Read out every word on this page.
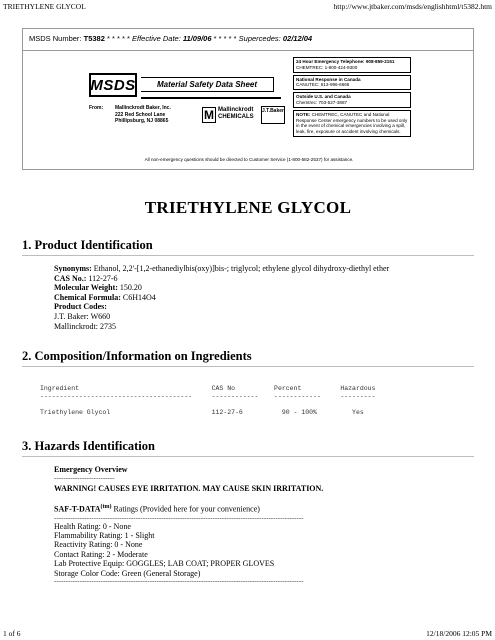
TRIETHYLENE GLYCOL	http://www.jtbaker.com/msds/englishhtml/t5382.htm
MSDS Number: T5382 * * * * * Effective Date: 11/09/06 * * * * * Supercedes: 02/12/04
MSDS	Material Safety Data Sheet
From: Mallinckrodt Baker, Inc.
222 Red School Lane
Phillipsburg, NJ 08865	M Mallinckrodt
CHEMICALS
J.T.Baker
24 Hour Emergency Telephone: 908-859-2151
CHEMTREC: 1-800-424-9300
National Response in Canada
CANUTEC: 613-996-6666
Outside U.S. and Canada
Chemtrec: 703-527-3887
NOTE: CHEMTREC, CANUTEC and National Response Center emergency numbers to be used only in the event of chemical emergencies involving a spill, leak, fire, exposure or accident involving chemicals.
All non-emergency questions should be directed to Customer Service (1-800-582-2537) for assistance.
TRIETHYLENE GLYCOL
1. Product Identification
Synonyms: Ethanol, 2,2'-[1,2-ethanediylbis(oxy)]bis-; triglycol; ethylene glycol dihydroxy-diethyl ether
CAS No.: 112-27-6
Molecular Weight: 150.20
Chemical Formula: C6H14O4
Product Codes:
J.T. Baker: W660
Mallinckrodt: 2735
2. Composition/Information on Ingredients
Ingredient                                  CAS No          Percent          Hazardous
---------------------------------------     ------------    ------------     ---------
Triethylene Glycol                          112-27-6          90 - 100%         Yes
3. Hazards Identification
Emergency Overview
--------------------------
WARNING! CAUSES EYE IRRITATION. MAY CAUSE SKIN IRRITATION.
SAF-$T-DATA^{(tm)}$ Ratings (Provided here for your convenience)
-----------------------------------------------------------------------------------------------------------
Health Rating: 0 - None
Flammability Rating: 1 - Slight
Reactivity Rating: 0 - None
Contact Rating: 2 - Moderate
Lab Protective Equip: GOGGLES; LAB COAT; PROPER GLOVES
Storage Color Code: Green (General Storage)
-----------------------------------------------------------------------------------------------------------
1 of 6	12/18/2006 12:05 PM
